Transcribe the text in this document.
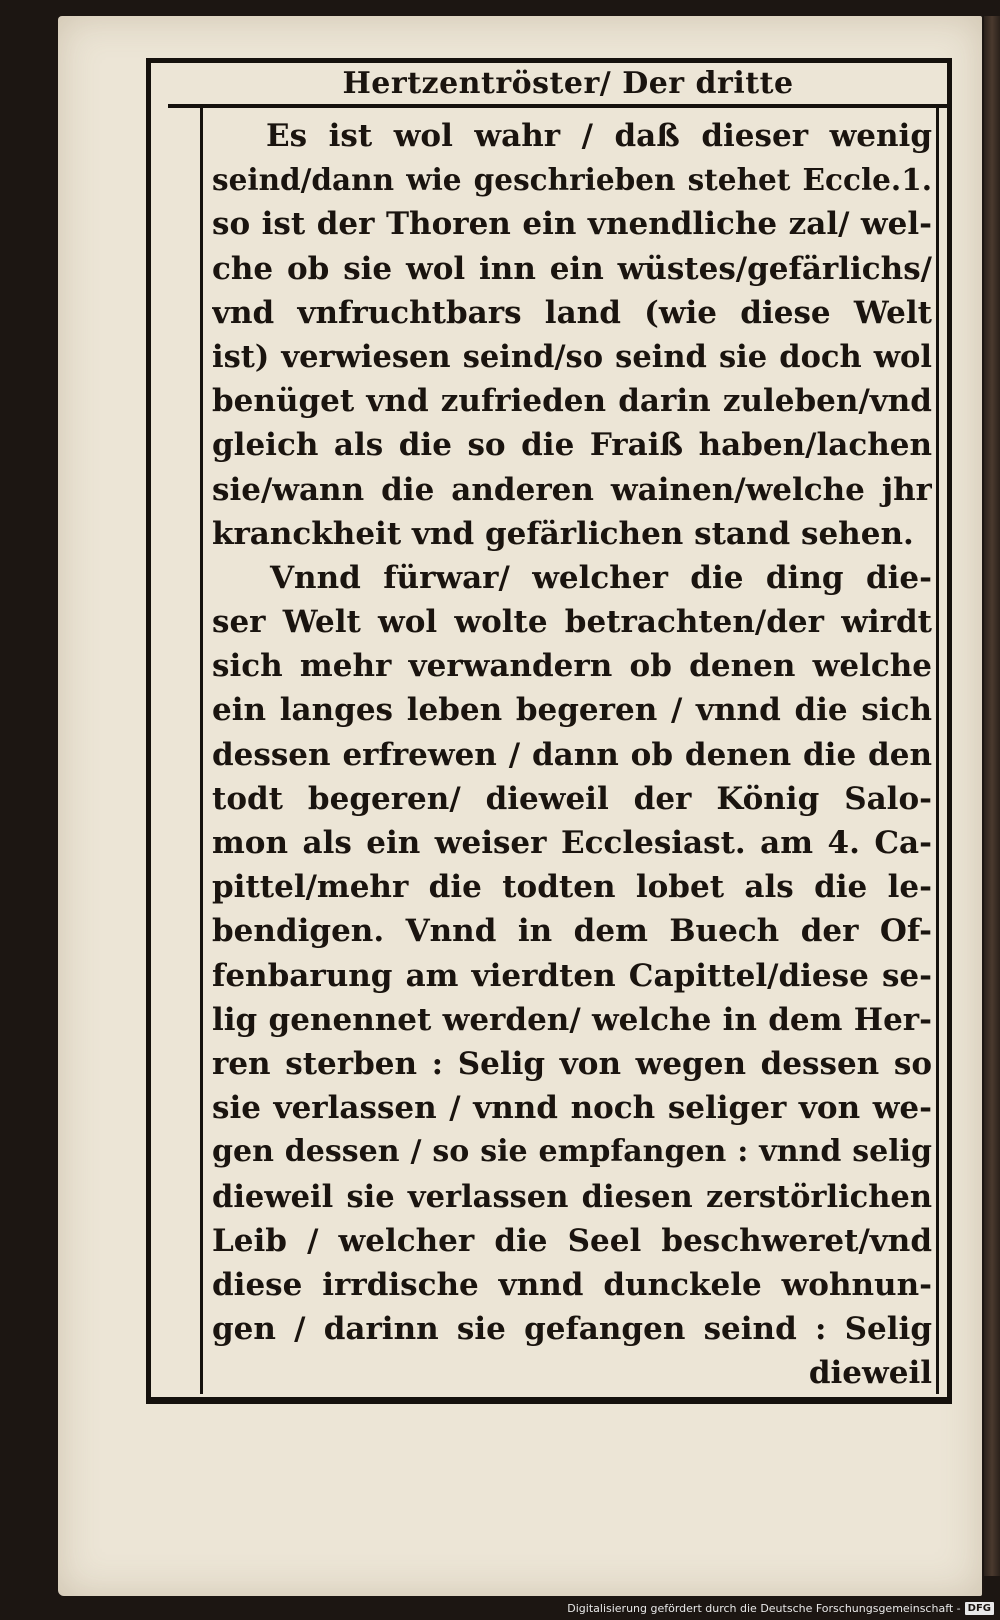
Hertzentröster/ Der dritte
Es ist wol wahr / daß dieser wenig
seind/dann wie geschrieben stehet Eccle.1.
so ist der Thoren ein vnendliche zal/ wel-
che ob sie wol inn ein wüstes/gefärlichs/
vnd vnfruchtbars land (wie diese Welt
ist) verwiesen seind/so seind sie doch wol
benüget vnd zufrieden darin zuleben/vnd
gleich als die so die Fraiß haben/lachen
sie/wann die anderen wainen/welche jhr
kranckheit vnd gefärlichen stand sehen.
Vnnd fürwar/ welcher die ding die-
ser Welt wol wolte betrachten/der wirdt
sich mehr verwandern ob denen welche
ein langes leben begeren / vnnd die sich
dessen erfrewen / dann ob denen die den
todt begeren/ dieweil der König Salo-
mon als ein weiser Ecclesiast. am 4. Ca-
pittel/mehr die todten lobet als die le-
bendigen. Vnnd in dem Buech der Of-
fenbarung am vierdten Capittel/diese se-
lig genennet werden/ welche in dem Her-
ren sterben : Selig von wegen dessen so
sie verlassen / vnnd noch seliger von we-
gen dessen / so sie empfangen : vnnd selig
dieweil sie verlassen diesen zerstörlichen
Leib / welcher die Seel beschweret/vnd
diese irrdische vnnd dunckele wohnun-
gen / darinn sie gefangen seind : Selig
dieweil
Digitalisierung gefördert durch die Deutsche Forschungsgemeinschaft - DFG
